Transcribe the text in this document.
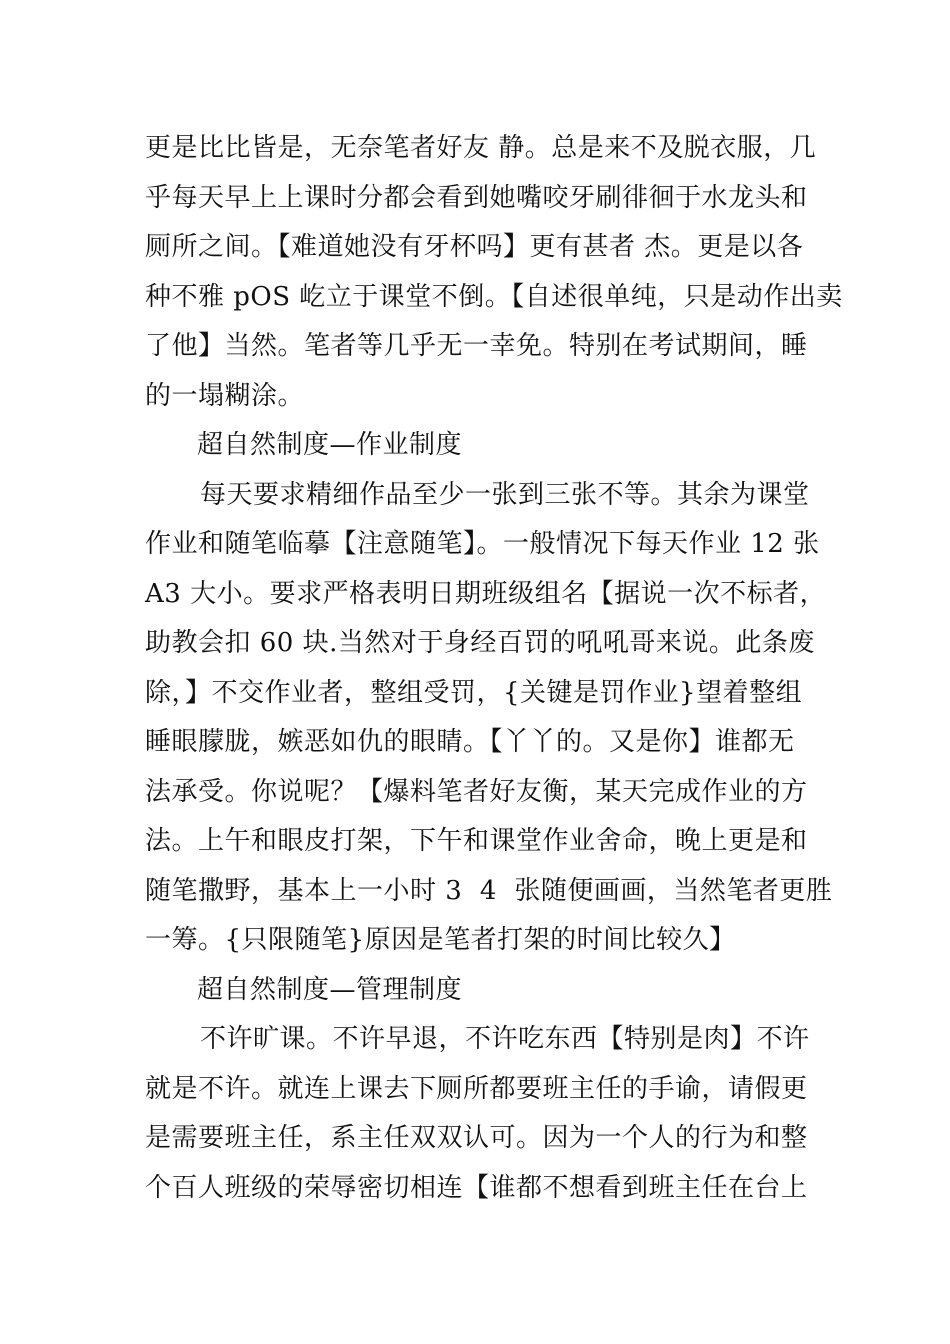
更是比比皆是，无奈笔者好友 静。总是来不及脱衣服，几
乎每天早上上课时分都会看到她嘴咬牙刷徘徊于水龙头和
厕所之间。【难道她没有牙杯吗】更有甚者 杰。更是以各
种不雅 pOS 屹立于课堂不倒。【自述很单纯，只是动作出卖
了他】当然。笔者等几乎无一幸免。特别在考试期间，睡
的一塌糊涂。
超自然制度—作业制度
每天要求精细作品至少一张到三张不等。其余为课堂
作业和随笔临摹【注意随笔】。一般情况下每天作业 12 张
A3 大小。要求严格表明日期班级组名【据说一次不标者，
助教会扣 60 块.当然对于身经百罚的吼吼哥来说。此条废
除，】不交作业者，整组受罚，{关键是罚作业}望着整组
睡眼朦胧，嫉恶如仇的眼睛。【丫丫的。又是你】谁都无
法承受。你说呢？【爆料笔者好友衡，某天完成作业的方
法。上午和眼皮打架，下午和课堂作业舍命，晚上更是和
随笔撒野，基本上一小时 3  4  张随便画画，当然笔者更胜
一筹。{只限随笔}原因是笔者打架的时间比较久】
超自然制度—管理制度
不许旷课。不许早退，不许吃东西【特别是肉】不许
就是不许。就连上课去下厕所都要班主任的手谕，请假更
是需要班主任，系主任双双认可。因为一个人的行为和整
个百人班级的荣辱密切相连【谁都不想看到班主任在台上
